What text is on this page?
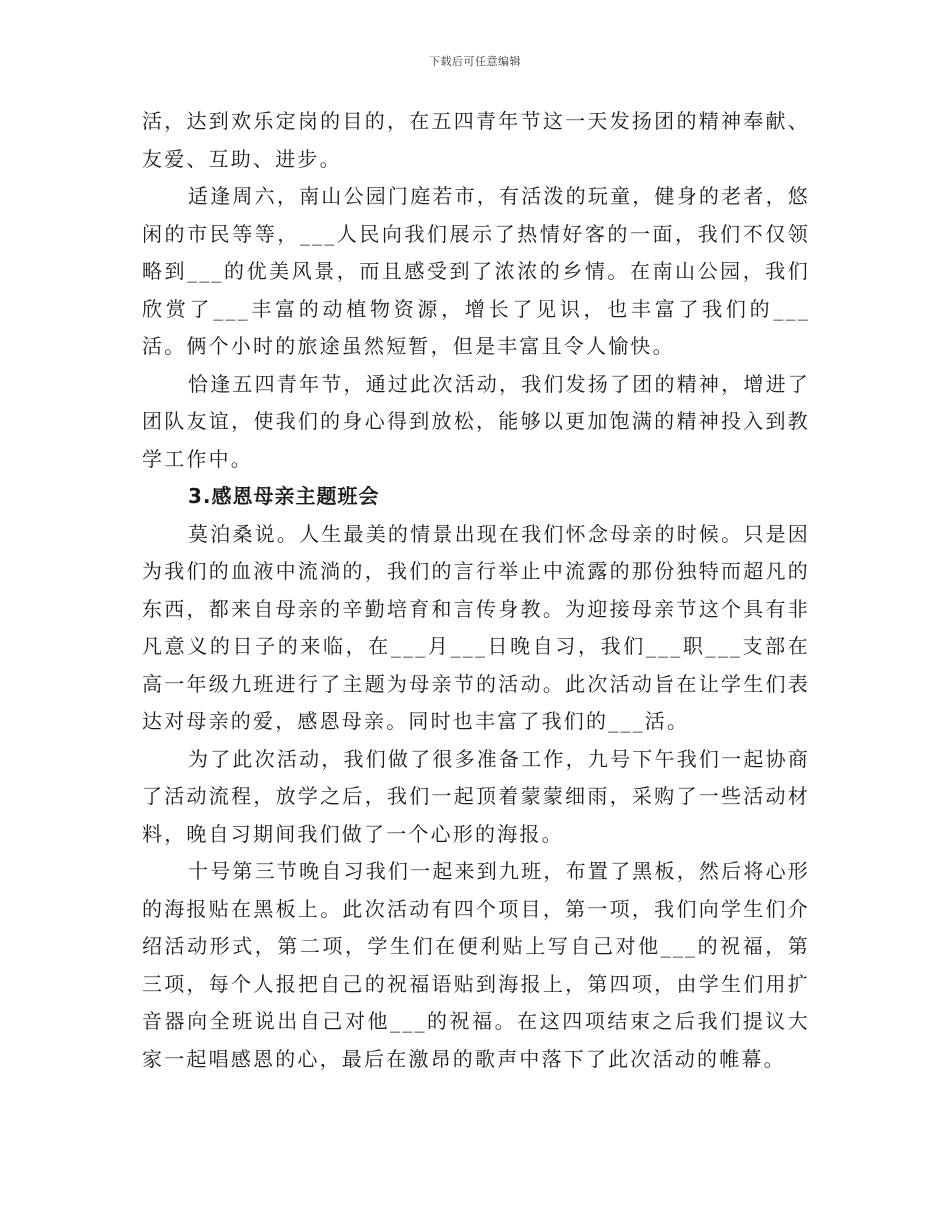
下载后可任意编辑

活，达到欢乐定岗的目的，在五四青年节这一天发扬团的精神奉献、友爱、互助、进步。

适逢周六，南山公园门庭若市，有活泼的玩童，健身的老者，悠闲的市民等等，___人民向我们展示了热情好客的一面，我们不仅领略到___的优美风景，而且感受到了浓浓的乡情。在南山公园，我们欣赏了___丰富的动植物资源，增长了见识，也丰富了我们的___活。俩个小时的旅途虽然短暂，但是丰富且令人愉快。

恰逢五四青年节，通过此次活动，我们发扬了团的精神，增进了团队友谊，使我们的身心得到放松，能够以更加饱满的精神投入到教学工作中。

3.感恩母亲主题班会

莫泊桑说。人生最美的情景出现在我们怀念母亲的时候。只是因为我们的血液中流淌的，我们的言行举止中流露的那份独特而超凡的东西，都来自母亲的辛勤培育和言传身教。为迎接母亲节这个具有非凡意义的日子的来临，在___月___日晚自习，我们___职___支部在高一年级九班进行了主题为母亲节的活动。此次活动旨在让学生们表达对母亲的爱，感恩母亲。同时也丰富了我们的___活。

为了此次活动，我们做了很多准备工作，九号下午我们一起协商了活动流程，放学之后，我们一起顶着蒙蒙细雨，采购了一些活动材料，晚自习期间我们做了一个心形的海报。

十号第三节晚自习我们一起来到九班，布置了黑板，然后将心形的海报贴在黑板上。此次活动有四个项目，第一项，我们向学生们介绍活动形式，第二项，学生们在便利贴上写自己对他___的祝福，第三项，每个人报把自己的祝福语贴到海报上，第四项，由学生们用扩音器向全班说出自己对他___的祝福。在这四项结束之后我们提议大家一起唱感恩的心，最后在激昂的歌声中落下了此次活动的帷幕。
